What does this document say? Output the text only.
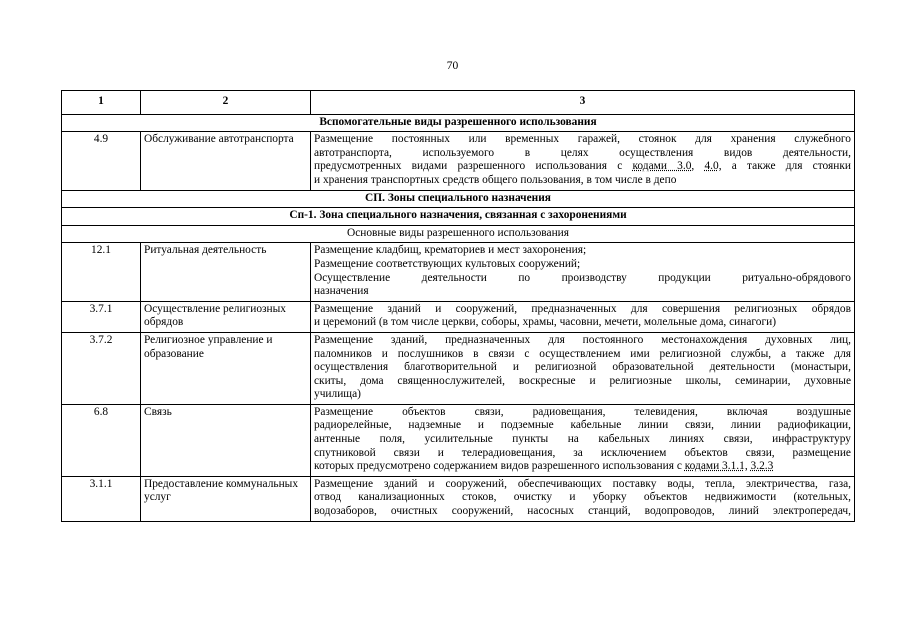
70
1	2	3
Вспомогательные виды разрешенного использования		
4.9	Обслуживание автотранспорта	Размещение постоянных или временных гаражей, стоянок для хранения служебного
автотранспорта, используемого в целях осуществления видов деятельности,
предусмотренных видами разрешенного использования с кодами 3.0, 4.0, а также для стоянки
и хранения транспортных средств общего пользования, в том числе в депо

СП. Зоны специального назначения		
Сп-1. Зона специального назначения, связанная с захоронениями		
Основные виды разрешенного использования		
12.1	Ритуальная деятельность	Размещение кладбищ, крематориев и мест захоронения;
Размещение соответствующих культовых сооружений;
Осуществление деятельности по производству продукции ритуально-обрядового
назначения

3.7.1	Осуществление религиозных обрядов	Размещение зданий и сооружений, предназначенных для совершения религиозных обрядов
и церемоний (в том числе церкви, соборы, храмы, часовни, мечети, молельные дома, синагоги)

3.7.2	Религиозное управление и образование	Размещение зданий, предназначенных для постоянного местонахождения духовных лиц,
паломников и послушников в связи с осуществлением ими религиозной службы, а также для
осуществления благотворительной и религиозной образовательной деятельности (монастыри,
скиты, дома священнослужителей, воскресные и религиозные школы, семинарии, духовные
училища)

6.8	Связь	Размещение объектов связи, радиовещания, телевидения, включая воздушные
радиорелейные, надземные и подземные кабельные линии связи, линии радиофикации,
антенные поля, усилительные пункты на кабельных линиях связи, инфраструктуру
спутниковой связи и телерадиовещания, за исключением объектов связи, размещение
которых предусмотрено содержанием видов разрешенного использования с кодами 3.1.1, 3.2.3

3.1.1	Предоставление коммунальных услуг	Размещение зданий и сооружений, обеспечивающих поставку воды, тепла, электричества, газа,
отвод канализационных стоков, очистку и уборку объектов недвижимости (котельных,
водозаборов, очистных сооружений, насосных станций, водопроводов, линий электропередач,
